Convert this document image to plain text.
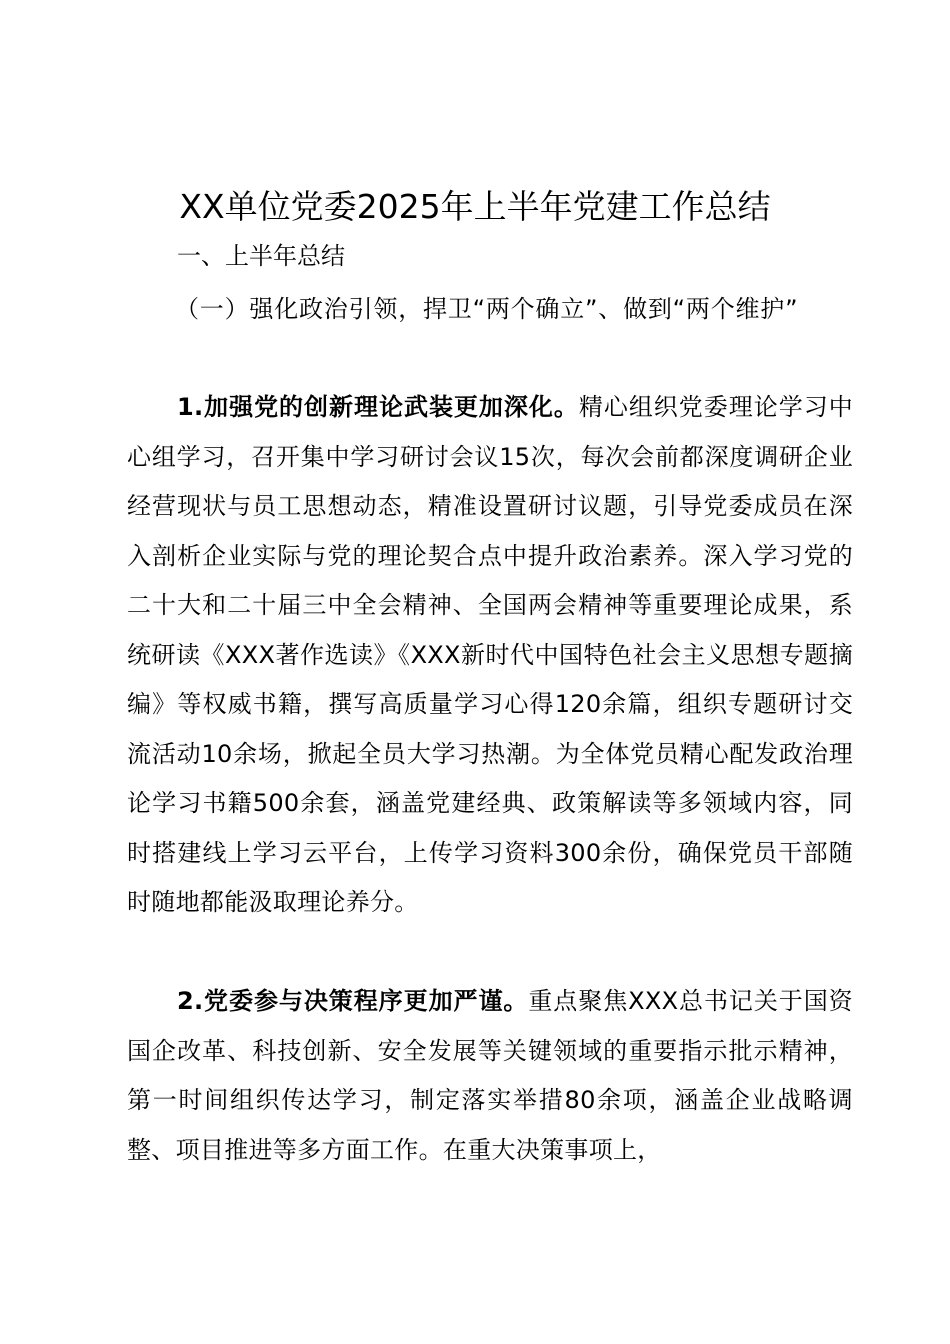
XX单位党委2025年上半年党建工作总结

一、上半年总结

（一）强化政治引领，捍卫“两个确立”、做到“两个维护”

1.加强党的创新理论武装更加深化。精心组织党委理论学习中心组学习，召开集中学习研讨会议15次，每次会前都深度调研企业经营现状与员工思想动态，精准设置研讨议题，引导党委成员在深入剖析企业实际与党的理论契合点中提升政治素养。深入学习党的二十大和二十届三中全会精神、全国两会精神等重要理论成果，系统研读《XXX著作选读》《XXX新时代中国特色社会主义思想专题摘编》等权威书籍，撰写高质量学习心得120余篇，组织专题研讨交流活动10余场，掀起全员大学习热潮。为全体党员精心配发政治理论学习书籍500余套，涵盖党建经典、政策解读等多领域内容，同时搭建线上学习云平台，上传学习资料300余份，确保党员干部随时随地都能汲取理论养分。

2.党委参与决策程序更加严谨。重点聚焦XXX总书记关于国资国企改革、科技创新、安全发展等关键领域的重要指示批示精神，第一时间组织传达学习，制定落实举措80余项，涵盖企业战略调整、项目推进等多方面工作。在重大决策事项上，
